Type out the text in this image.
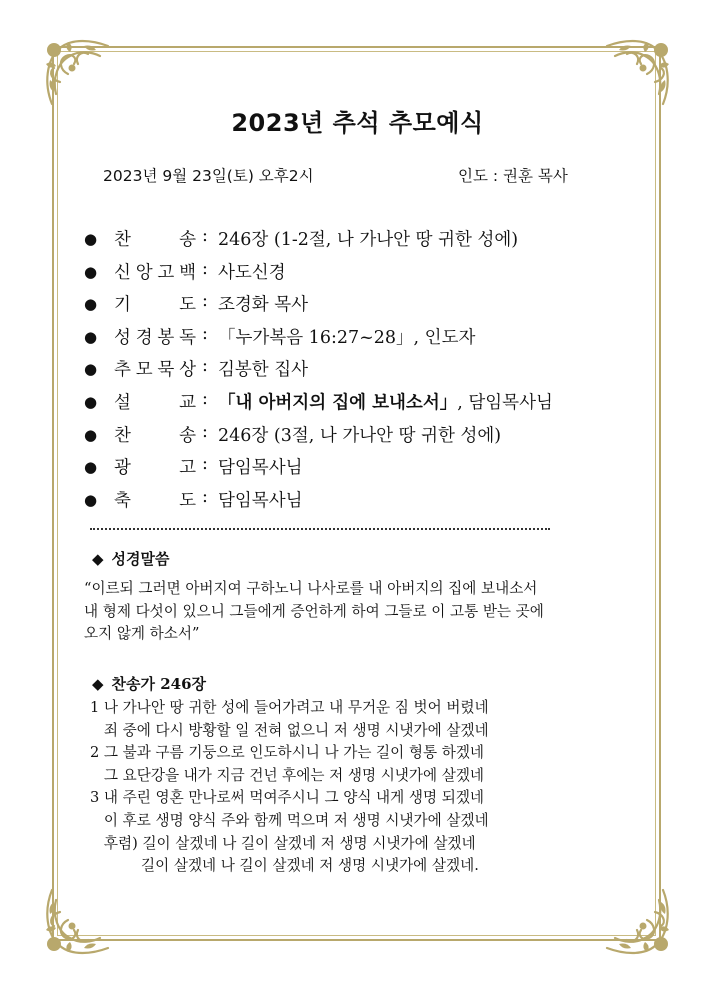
2023년 추석 추모예식
2023년 9월 23일(토) 오후2시	인도 : 권훈 목사
● 찬	송 : 246장 (1-2절, 나 가나안 땅 귀한 성에)
● 신 앙 고 백 : 사도신경
● 기	도 : 조경화 목사
● 성 경 봉 독 : 「누가복음 16:27~28」, 인도자
● 추 모 묵 상 : 김봉한 집사
● 설	교 : 「내 아버지의 집에 보내소서」, 담임목사님
● 찬	송 : 246장 (3절, 나 가나안 땅 귀한 성에)
● 광	고 : 담임목사님
● 축	도 : 담임목사님
◆ 성경말씀
“이르되 그러면 아버지여 구하노니 나사로를 내 아버지의 집에 보내소서
내 형제 다섯이 있으니 그들에게 증언하게 하여 그들로 이 고통 받는 곳에
오지 않게 하소서”
◆ 찬송가 246장
1 나 가나안 땅 귀한 성에 들어가려고 내 무거운 짐 벗어 버렸네
죄 중에 다시 방황할 일 전혀 없으니 저 생명 시냇가에 살겠네
2 그 불과 구름 기둥으로 인도하시니 나 가는 길이 형통 하겠네
그 요단강을 내가 지금 건넌 후에는 저 생명 시냇가에 살겠네
3 내 주린 영혼 만나로써 먹여주시니 그 양식 내게 생명 되겠네
이 후로 생명 양식 주와 함께 먹으며 저 생명 시냇가에 살겠네
후렴) 길이 살겠네 나 길이 살겠네 저 생명 시냇가에 살겠네
길이 살겠네 나 길이 살겠네 저 생명 시냇가에 살겠네.
